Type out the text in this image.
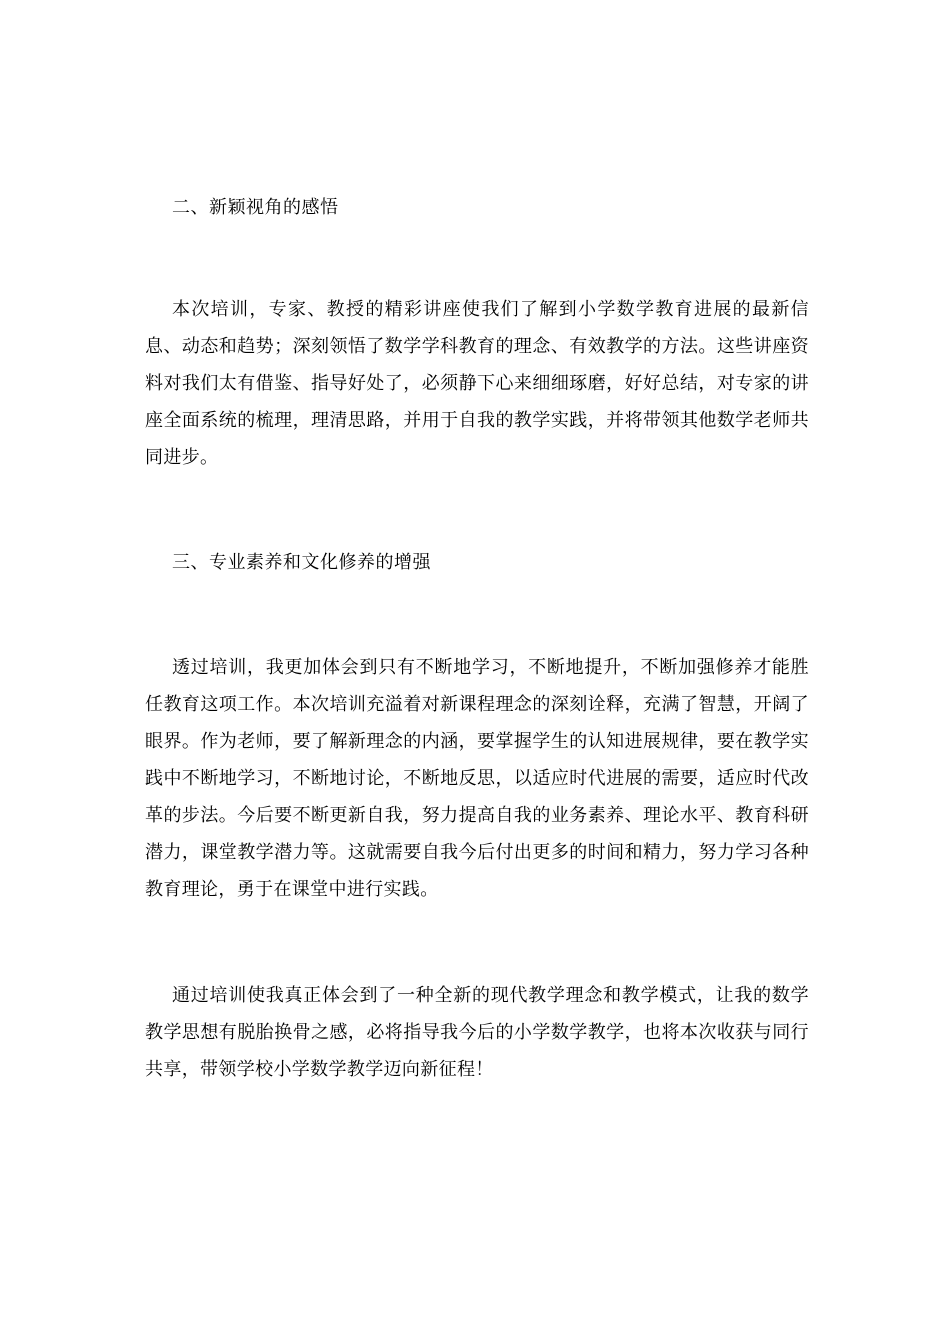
二、新颖视角的感悟
本次培训，专家、教授的精彩讲座使我们了解到小学数学教育进展的最新信息、动态和趋势；深刻领悟了数学学科教育的理念、有效教学的方法。这些讲座资料对我们太有借鉴、指导好处了，必须静下心来细细琢磨，好好总结，对专家的讲座全面系统的梳理，理清思路，并用于自我的教学实践，并将带领其他数学老师共同进步。
三、专业素养和文化修养的增强
透过培训，我更加体会到只有不断地学习，不断地提升，不断加强修养才能胜任教育这项工作。本次培训充溢着对新课程理念的深刻诠释，充满了智慧，开阔了眼界。作为老师，要了解新理念的内涵，要掌握学生的认知进展规律，要在教学实践中不断地学习，不断地讨论，不断地反思，以适应时代进展的需要，适应时代改革的步法。今后要不断更新自我，努力提高自我的业务素养、理论水平、教育科研潜力，课堂教学潜力等。这就需要自我今后付出更多的时间和精力，努力学习各种教育理论，勇于在课堂中进行实践。
通过培训使我真正体会到了一种全新的现代教学理念和教学模式，让我的数学教学思想有脱胎换骨之感，必将指导我今后的小学数学教学，也将本次收获与同行共享，带领学校小学数学教学迈向新征程！
